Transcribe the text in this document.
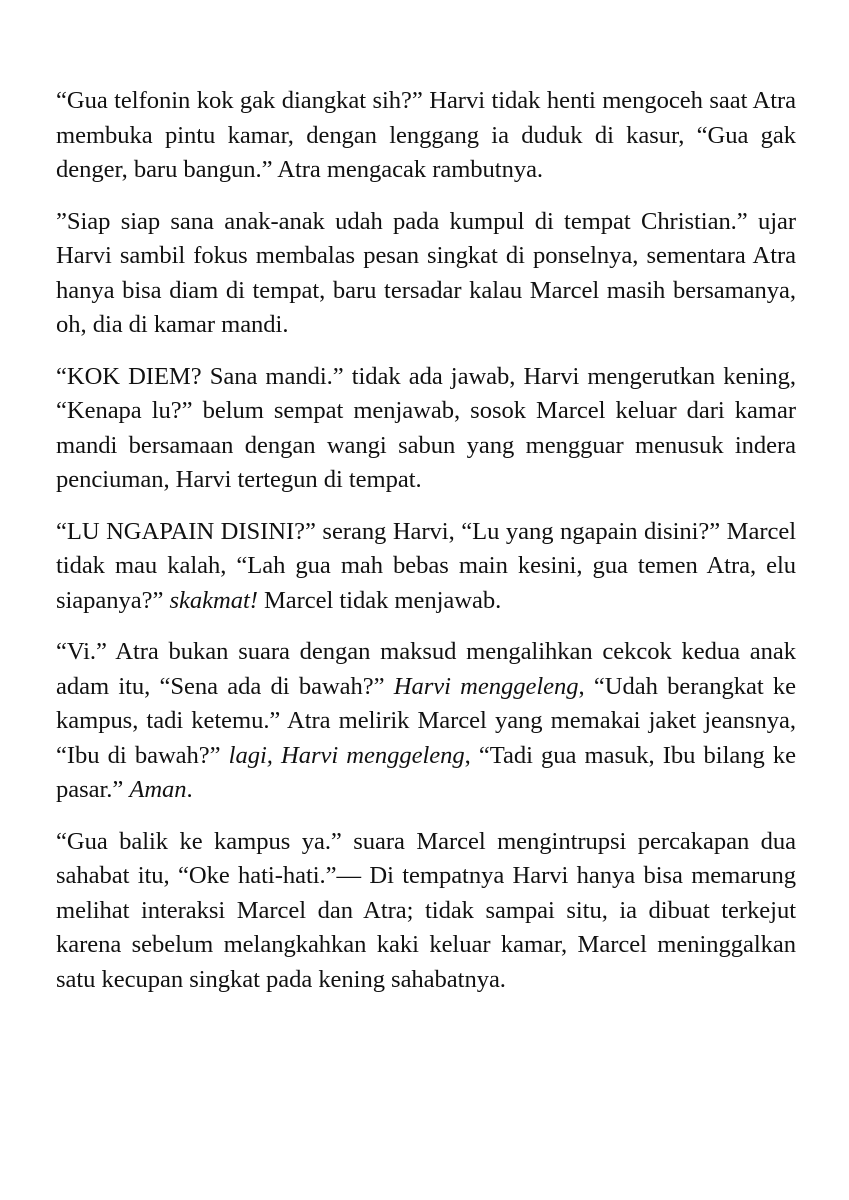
“Gua telfonin kok gak diangkat sih?” Harvi tidak henti mengoceh saat Atra membuka pintu kamar, dengan lenggang ia duduk di kasur, “Gua gak denger, baru bangun.” Atra mengacak rambutnya.

”Siap siap sana anak-anak udah pada kumpul di tempat Christian.” ujar Harvi sambil fokus membalas pesan singkat di ponselnya, sementara Atra hanya bisa diam di tempat, baru tersadar kalau Marcel masih bersamanya, oh, dia di kamar mandi.

“KOK DIEM? Sana mandi.” tidak ada jawab, Harvi mengerutkan kening, “Kenapa lu?” belum sempat menjawab, sosok Marcel keluar dari kamar mandi bersamaan dengan wangi sabun yang mengguar menusuk indera penciuman, Harvi tertegun di tempat.

“LU NGAPAIN DISINI?” serang Harvi, “Lu yang ngapain disini?” Marcel tidak mau kalah, “Lah gua mah bebas main kesini, gua temen Atra, elu siapanya?” skakmat! Marcel tidak menjawab.

“Vi.” Atra bukan suara dengan maksud mengalihkan cekcok kedua anak adam itu, “Sena ada di bawah?” Harvi menggeleng, “Udah berangkat ke kampus, tadi ketemu.” Atra melirik Marcel yang memakai jaket jeansnya, “Ibu di bawah?” lagi, Harvi menggeleng, “Tadi gua masuk, Ibu bilang ke pasar.” Aman.

“Gua balik ke kampus ya.” suara Marcel mengintrupsi percakapan dua sahabat itu, “Oke hati-hati.”— Di tempatnya Harvi hanya bisa memarung melihat interaksi Marcel dan Atra; tidak sampai situ, ia dibuat terkejut karena sebelum melangkahkan kaki keluar kamar, Marcel meninggalkan satu kecupan singkat pada kening sahabatnya.
